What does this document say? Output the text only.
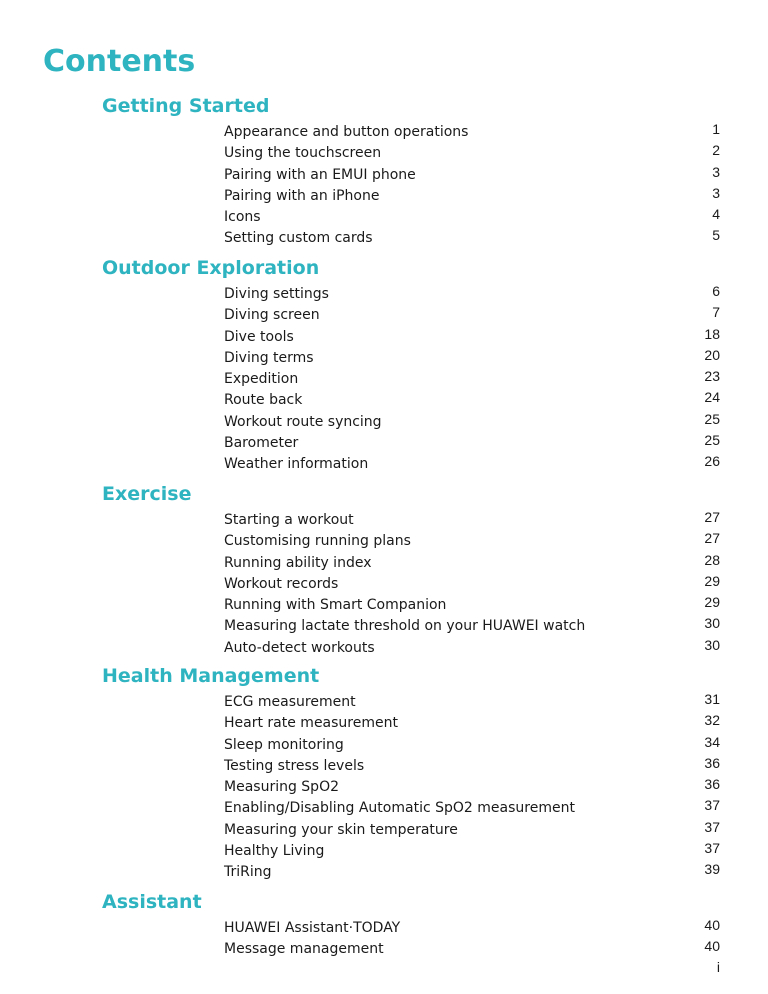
Contents
Getting Started
Appearance and button operations	1
Using the touchscreen	2
Pairing with an EMUI phone	3
Pairing with an iPhone	3
Icons	4
Setting custom cards	5
Outdoor Exploration
Diving settings	6
Diving screen	7
Dive tools	18
Diving terms	20
Expedition	23
Route back	24
Workout route syncing	25
Barometer	25
Weather information	26
Exercise
Starting a workout	27
Customising running plans	27
Running ability index	28
Workout records	29
Running with Smart Companion	29
Measuring lactate threshold on your HUAWEI watch	30
Auto-detect workouts	30
Health Management
ECG measurement	31
Heart rate measurement	32
Sleep monitoring	34
Testing stress levels	36
Measuring SpO2	36
Enabling/Disabling Automatic SpO2 measurement	37
Measuring your skin temperature	37
Healthy Living	37
TriRing	39
Assistant
HUAWEI Assistant·TODAY	40
Message management	40
i
